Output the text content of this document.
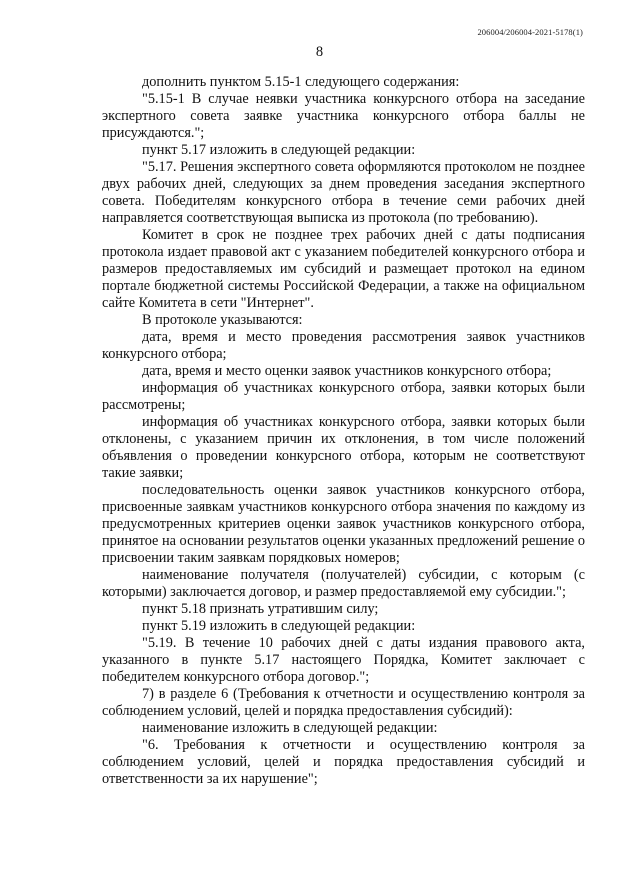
206004/206004-2021-5178(1)
8

дополнить пунктом 5.15-1 следующего содержания:

"5.15-1 В случае неявки участника конкурсного отбора на заседание экспертного совета заявке участника конкурсного отбора баллы не присуждаются.";

пункт 5.17 изложить в следующей редакции:

"5.17. Решения экспертного совета оформляются протоколом не позднее двух рабочих дней, следующих за днем проведения заседания экспертного совета. Победителям конкурсного отбора в течение семи рабочих дней направляется соответствующая выписка из протокола (по требованию).

Комитет в срок не позднее трех рабочих дней с даты подписания протокола издает правовой акт с указанием победителей конкурсного отбора и размеров предоставляемых им субсидий и размещает протокол на едином портале бюджетной системы Российской Федерации, а также на официальном сайте Комитета в сети "Интернет".

В протоколе указываются:

дата, время и место проведения рассмотрения заявок участников конкурсного отбора;

дата, время и место оценки заявок участников конкурсного отбора;

информация об участниках конкурсного отбора, заявки которых были рассмотрены;

информация об участниках конкурсного отбора, заявки которых были отклонены, с указанием причин их отклонения, в том числе положений объявления о проведении конкурсного отбора, которым не соответствуют такие заявки;

последовательность оценки заявок участников конкурсного отбора, присвоенные заявкам участников конкурсного отбора значения по каждому из предусмотренных критериев оценки заявок участников конкурсного отбора, принятое на основании результатов оценки указанных предложений решение о присвоении таким заявкам порядковых номеров;

наименование получателя (получателей) субсидии, с которым (с которыми) заключается договор, и размер предоставляемой ему субсидии.";

пункт 5.18 признать утратившим силу;

пункт 5.19 изложить в следующей редакции:

"5.19. В течение 10 рабочих дней с даты издания правового акта, указанного в пункте 5.17 настоящего Порядка, Комитет заключает с победителем конкурсного отбора договор.";

7) в разделе 6 (Требования к отчетности и осуществлению контроля за соблюдением условий, целей и порядка предоставления субсидий):

наименование изложить в следующей редакции:

"6. Требования к отчетности и осуществлению контроля за соблюдением условий, целей и порядка предоставления субсидий и ответственности за их нарушение";
